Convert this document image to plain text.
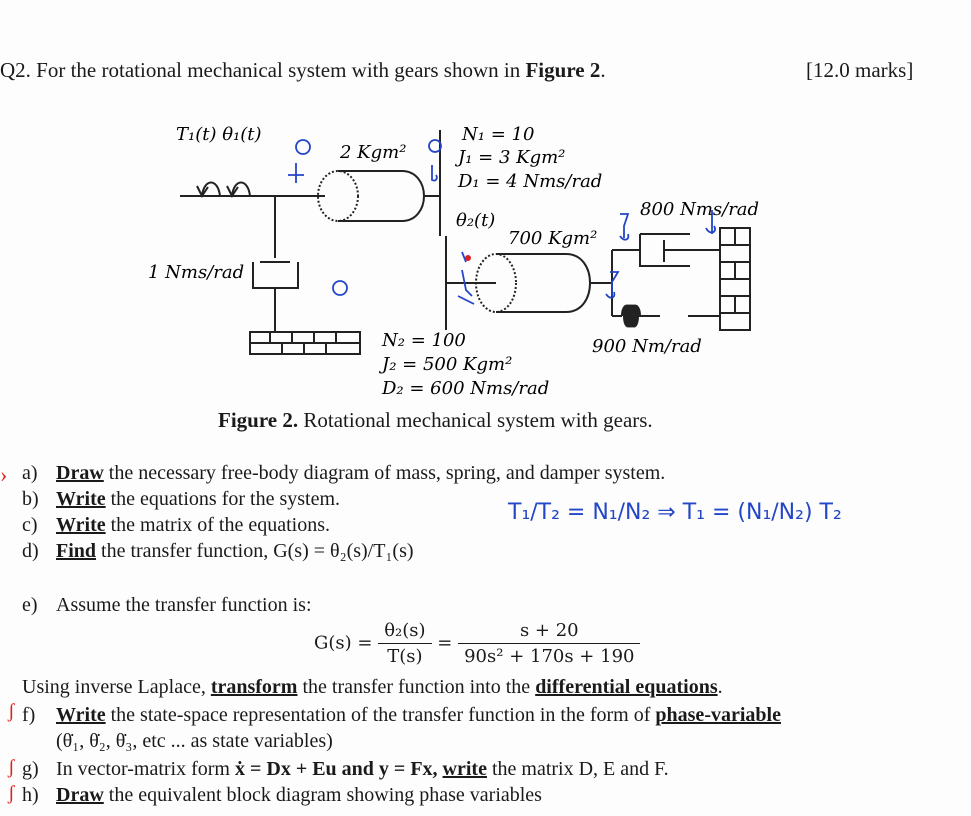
Q2. For the rotational mechanical system with gears shown in Figure 2.	[12.0 marks]
T₁(t) θ₁(t)
2 Kgm²
N₁ = 10
J₁ = 3 Kgm²
D₁ = 4 Nms/rad
θ₂(t)
700 Kgm²
800 Nms/rad
1 Nms/rad
900 Nm/rad
N₂ = 100
J₂ = 500 Kgm²
D₂ = 600 Nms/rad
Figure 2. Rotational mechanical system with gears.
› a) Draw the necessary free-body diagram of mass, spring, and damper system.
b) Write the equations for the system.
c) Write the matrix of the equations.
d) Find the transfer function, G(s) = θ₂(s)/T₁(s)
T₁/T₂ = N₁/N₂ ⇒ T₁ = (N₁/N₂) T₂
e) Assume the transfer function is:
$G(s) = \frac{\text{θ₂(s)}}{T(s)} = \frac{s + 20}{\text{90s² + 170s + 190}}$
Using inverse Laplace, transform the transfer function into the differential equations.
ʃ
ʃ
ʃ
f) Write the state-space representation of the transfer function in the form of phase-variable
(θ̇₁, θ̇₂, θ̇₃, etc ... as state variables)
g) In vector-matrix form ẋ = Dx + Eu and y = Fx, write the matrix D, E and F.
h) Draw the equivalent block diagram showing phase variables
